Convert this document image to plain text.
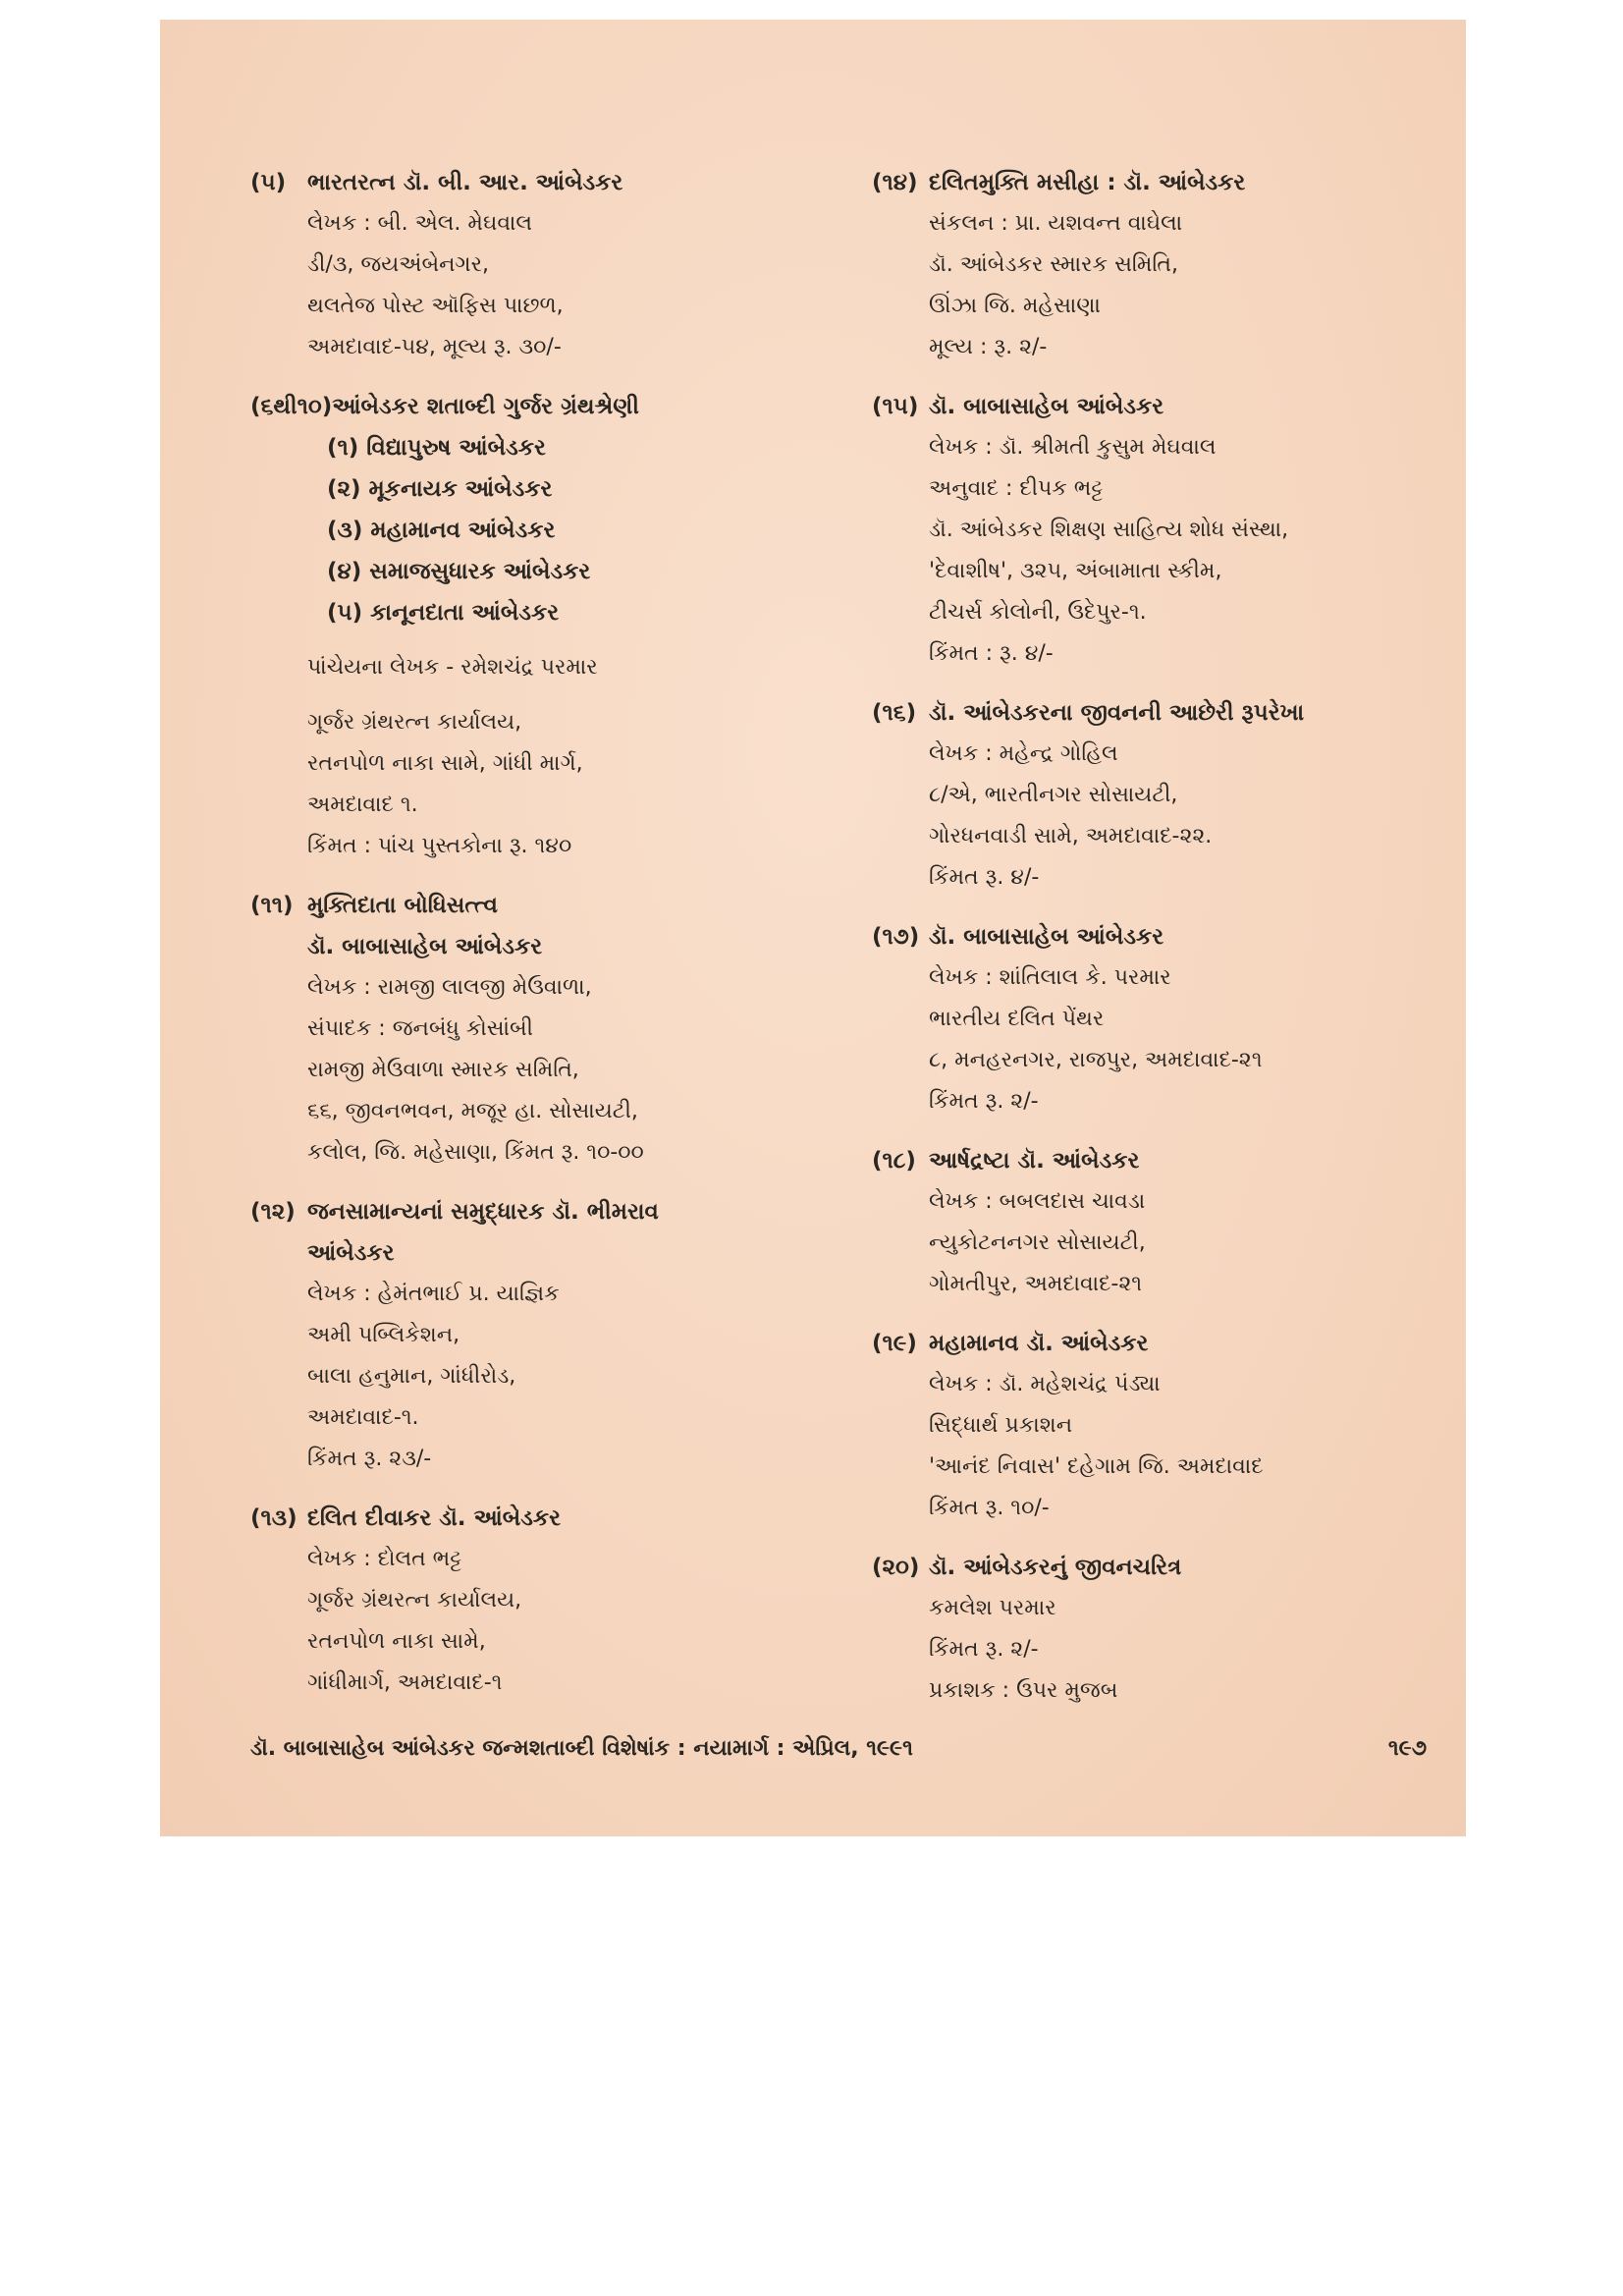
(૫) ભારતરત્ન ડૉ. બી. આર. આંબેડકર
લેખક : બી. એલ. મેઘવાલ
ડી/૩, જયઅંબેનગર,
થલતેજ પોસ્ટ ઑફિસ પાછળ,
અમદાવાદ-૫૪, મૂલ્ય રૂ. ૩૦/-
(૬થી૧૦)આંબેડકર શતાબ્દી ગુર્જર ગ્રંથશ્રેણી
(૧) વિદ્યાપુરુષ આંબેડકર
(૨) મૂકનાયક આંબેડકર
(૩) મહામાનવ આંબેડકર
(૪) સમાજસુધારક આંબેડકર
(૫) કાનૂનદાતા આંબેડકર
પાંચેયના લેખક - રમેશચંદ્ર પરમાર
ગૂર્જર ગ્રંથરત્ન કાર્યાલય,
રતનપોળ નાકા સામે, ગાંધી માર્ગ,
અમદાવાદ ૧.
કિંમત : પાંચ પુસ્તકોના રૂ. ૧૪૦
(૧૧) મુક્તિદાતા બોધિસત્ત્વ
ડૉ. બાબાસાહેબ આંબેડકર
લેખક : રામજી લાલજી મેઉવાળા,
સંપાદક : જનબંધુ કોસાંબી
રામજી મેઉવાળા સ્મારક સમિતિ,
૬૬, જીવનભવન, મજૂર હા. સોસાયટી,
કલોલ, જિ. મહેસાણા, કિંમત રૂ. ૧૦-૦૦
(૧૨) જનસામાન્યનાં સમુદ્ધારક ડૉ. ભીમરાવ
આંબેડકર
લેખક : હેમંતભાઈ પ્ર. યાજ્ઞિક
અમી પબ્લિકેશન,
બાલા હનુમાન, ગાંધીરોડ,
અમદાવાદ-૧.
કિંમત રૂ. ૨૩/-
(૧૩) દલિત દીવાકર ડૉ. આંબેડકર
લેખક : દોલત ભટ્ટ
ગૂર્જર ગ્રંથરત્ન કાર્યાલય,
રતનપોળ નાકા સામે,
ગાંધીમાર્ગ, અમદાવાદ-૧
(૧૪) દલિતમુક્તિ મસીહા : ડૉ. આંબેડકર
સંકલન : પ્રા. યશવન્ત વાઘેલા
ડૉ. આંબેડકર સ્મારક સમિતિ,
ઊંઝા જિ. મહેસાણા
મૂલ્ય : રૂ. ૨/-
(૧૫) ડૉ. બાબાસાહેબ આંબેડકર
લેખક : ડૉ. શ્રીમતી કુસુમ મેઘવાલ
અનુવાદ : દીપક ભટ્ટ
ડૉ. આંબેડકર શિક્ષણ સાહિત્ય શોધ સંસ્થા,
'દેવાશીષ', ૩૨૫, અંબામાતા સ્કીમ,
ટીચર્સ કોલોની, ઉદેપુર-૧.
કિંમત : રૂ. ૪/-
(૧૬) ડૉ. આંબેડકરના જીવનની આછેરી રૂપરેખા
લેખક : મહેન્દ્ર ગોહિલ
૮/એ, ભારતીનગર સોસાયટી,
ગોરધનવાડી સામે, અમદાવાદ-૨૨.
કિંમત રૂ. ૪/-
(૧૭) ડૉ. બાબાસાહેબ આંબેડકર
લેખક : શાંતિલાલ કે. પરમાર
ભારતીય દલિત પેંથર
૮, મનહરનગર, રાજપુર, અમદાવાદ-૨૧
કિંમત રૂ. ૨/-
(૧૮) આર્ષદ્રષ્ટા ડૉ. આંબેડકર
લેખક : બબલદાસ ચાવડા
ન્યુકોટનનગર સોસાયટી,
ગોમતીપુર, અમદાવાદ-૨૧
(૧૯) મહામાનવ ડૉ. આંબેડકર
લેખક : ડૉ. મહેશચંદ્ર પંડ્યા
સિદ્ધાર્થ પ્રકાશન
'આનંદ નિવાસ' દહેગામ જિ. અમદાવાદ
કિંમત રૂ. ૧૦/-
(૨૦) ડૉ. આંબેડકરનું જીવનચરિત્ર
કમલેશ પરમાર
કિંમત રૂ. ૨/-
પ્રકાશક : ઉપર મુજબ
ડૉ. બાબાસાહેબ આંબેડકર જન્મશતાબ્દી વિશેષાંક : નયામાર્ગ : એપ્રિલ, ૧૯૯૧	૧૯૭
